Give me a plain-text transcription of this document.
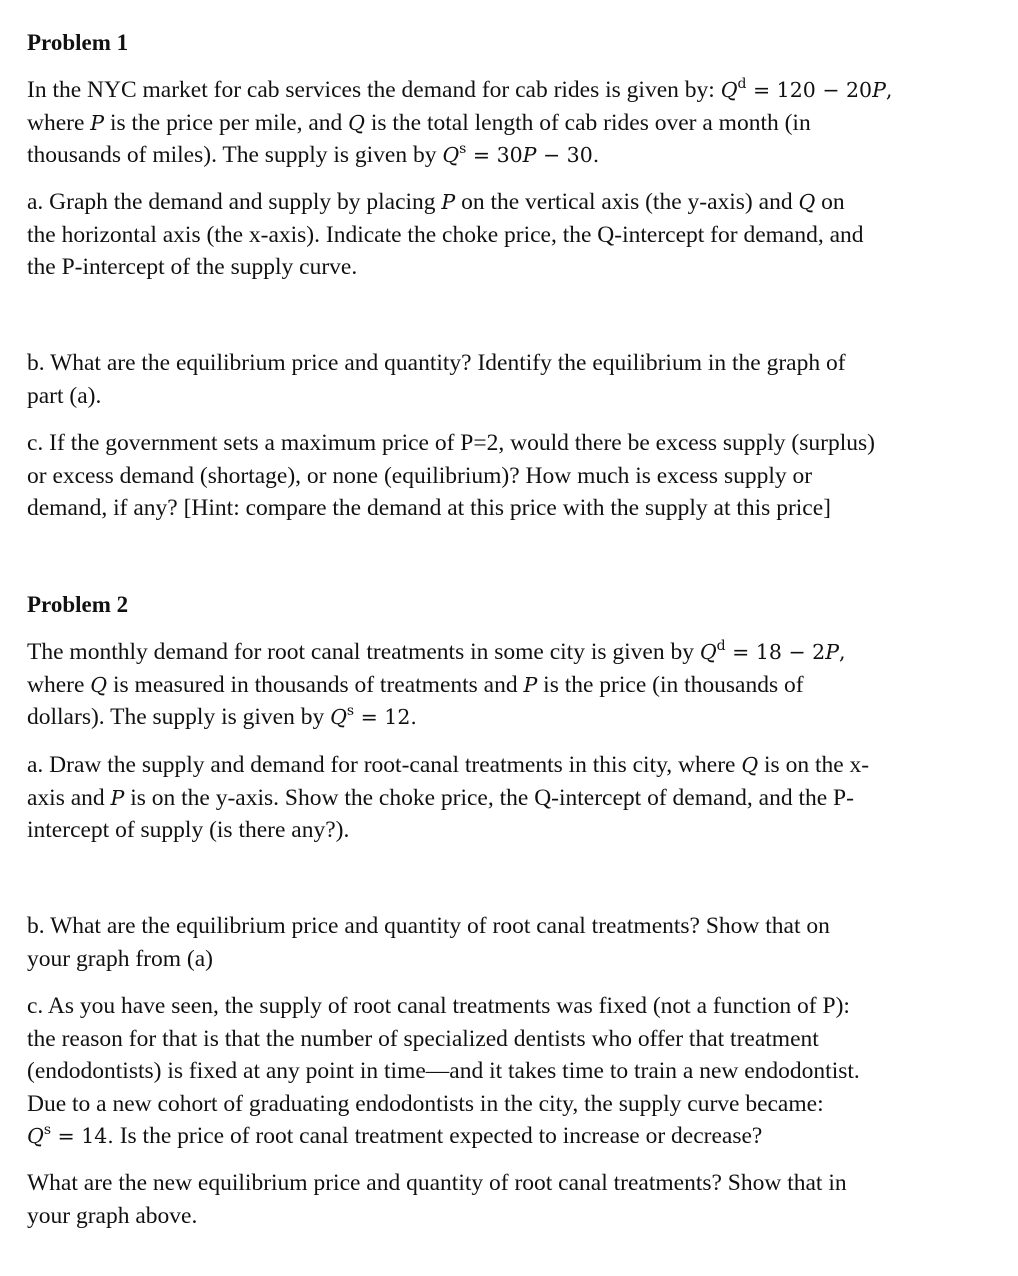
Problem 1
In the NYC market for cab services the demand for cab rides is given by: $Q^d = 120 - 20P$,
where P is the price per mile, and Q is the total length of cab rides over a month (in
thousands of miles). The supply is given by $Q^s = 30P - 30$.
a. Graph the demand and supply by placing P on the vertical axis (the y-axis) and Q on
the horizontal axis (the x-axis). Indicate the choke price, the Q-intercept for demand, and
the P-intercept of the supply curve.
b. What are the equilibrium price and quantity? Identify the equilibrium in the graph of
part (a).
c. If the government sets a maximum price of P=2, would there be excess supply (surplus)
or excess demand (shortage), or none (equilibrium)? How much is excess supply or
demand, if any? [Hint: compare the demand at this price with the supply at this price]
Problem 2
The monthly demand for root canal treatments in some city is given by $Q^d = 18 - 2P$,
where Q is measured in thousands of treatments and P is the price (in thousands of
dollars). The supply is given by $Q^s = 12$.
a. Draw the supply and demand for root-canal treatments in this city, where Q is on the x-
axis and P is on the y-axis. Show the choke price, the Q-intercept of demand, and the P-
intercept of supply (is there any?).
b. What are the equilibrium price and quantity of root canal treatments? Show that on
your graph from (a)
c. As you have seen, the supply of root canal treatments was fixed (not a function of P):
the reason for that is that the number of specialized dentists who offer that treatment
(endodontists) is fixed at any point in time—and it takes time to train a new endodontist.
Due to a new cohort of graduating endodontists in the city, the supply curve became:
$Q^s = 14$. Is the price of root canal treatment expected to increase or decrease?
What are the new equilibrium price and quantity of root canal treatments? Show that in
your graph above.
